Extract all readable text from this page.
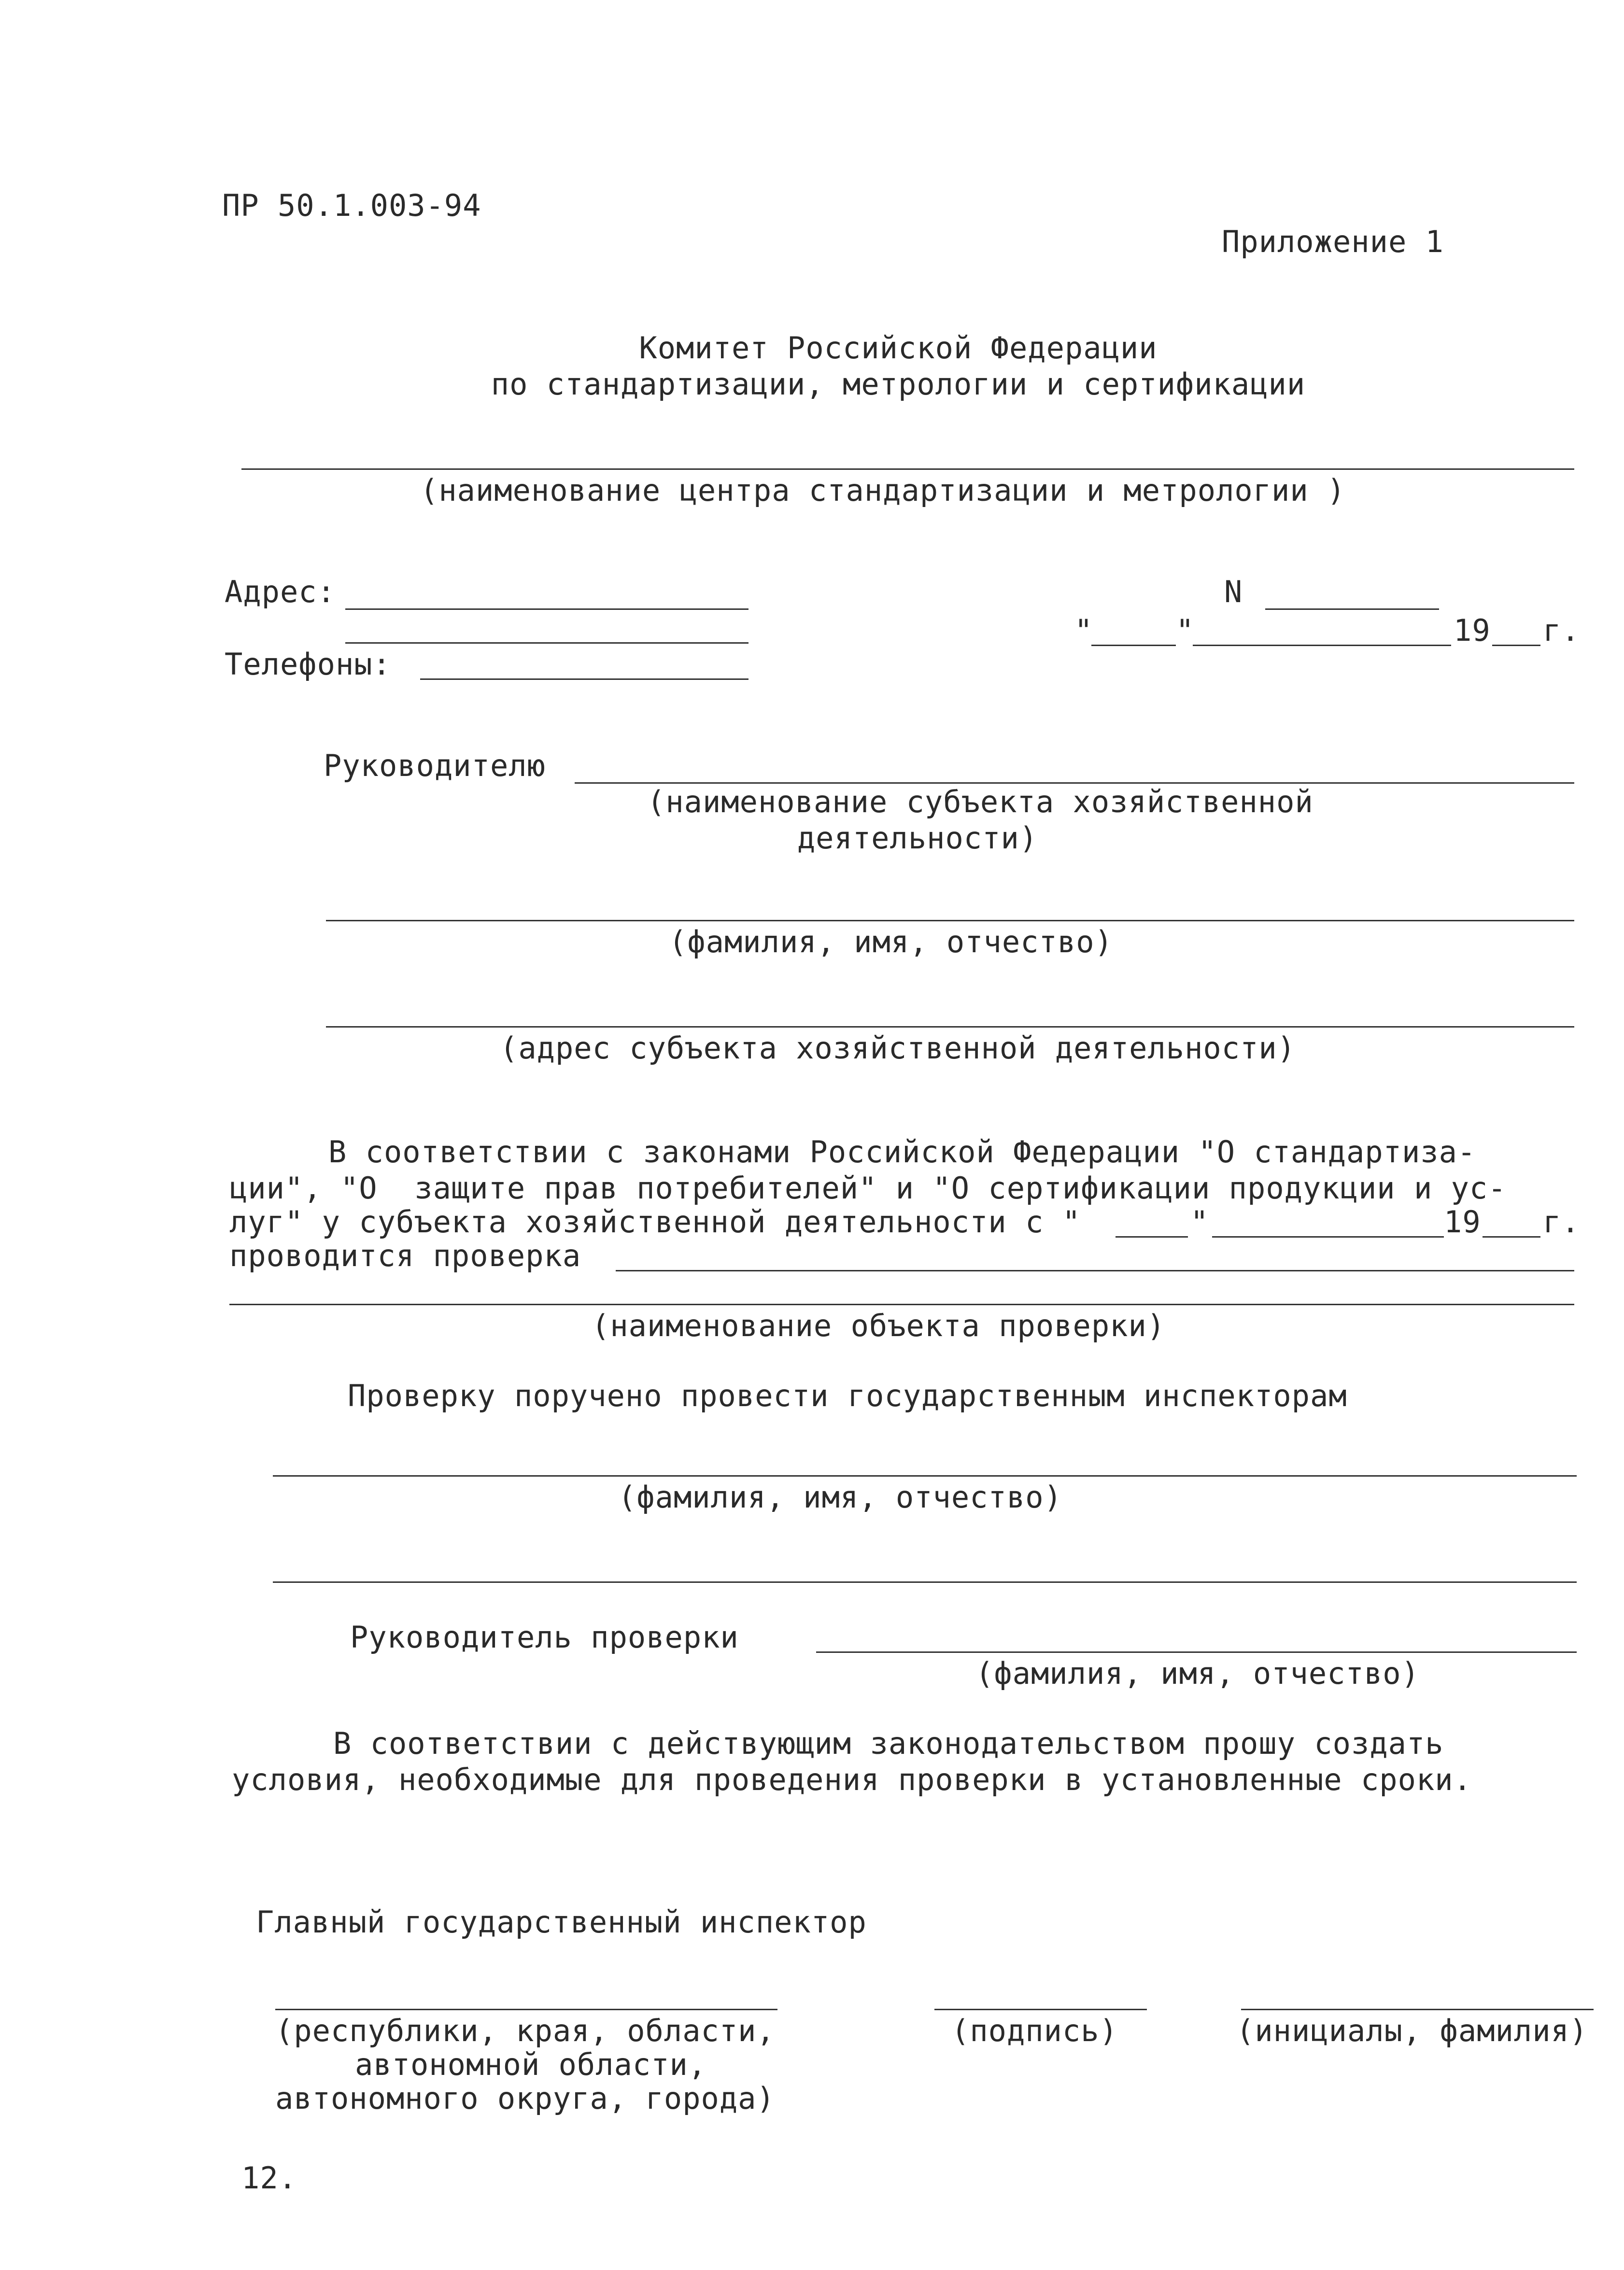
ПР 50.1.003-94
Приложение 1
Комитет Российской Федерации
по стандартизации, метрологии и сертификации
(наименование центра стандартизации и метрологии )
Адрес:
Телефоны:
N
"	"	19 г.
Руководителю
(наименование субъекта хозяйственной
деятельности)
(фамилия, имя, отчество)
(адрес субъекта хозяйственной деятельности)
В соответствии с законами Российской Федерации "О стандартиза-
ции", "О  защите прав потребителей" и "О сертификации продукции и ус-
луг" у субъекта хозяйственной деятельности с "	"	19 г.
проводится проверка
(наименование объекта проверки)
Проверку поручено провести государственным инспекторам
(фамилия, имя, отчество)
Руководитель проверки
(фамилия, имя, отчество)
В соответствии с действующим законодательством прошу создать
условия, необходимые для проведения проверки в установленные сроки.
Главный государственный инспектор
(республики, края, области,
автономной области,
автономного округа, города)
(подпись)	(инициалы, фамилия)
12.
